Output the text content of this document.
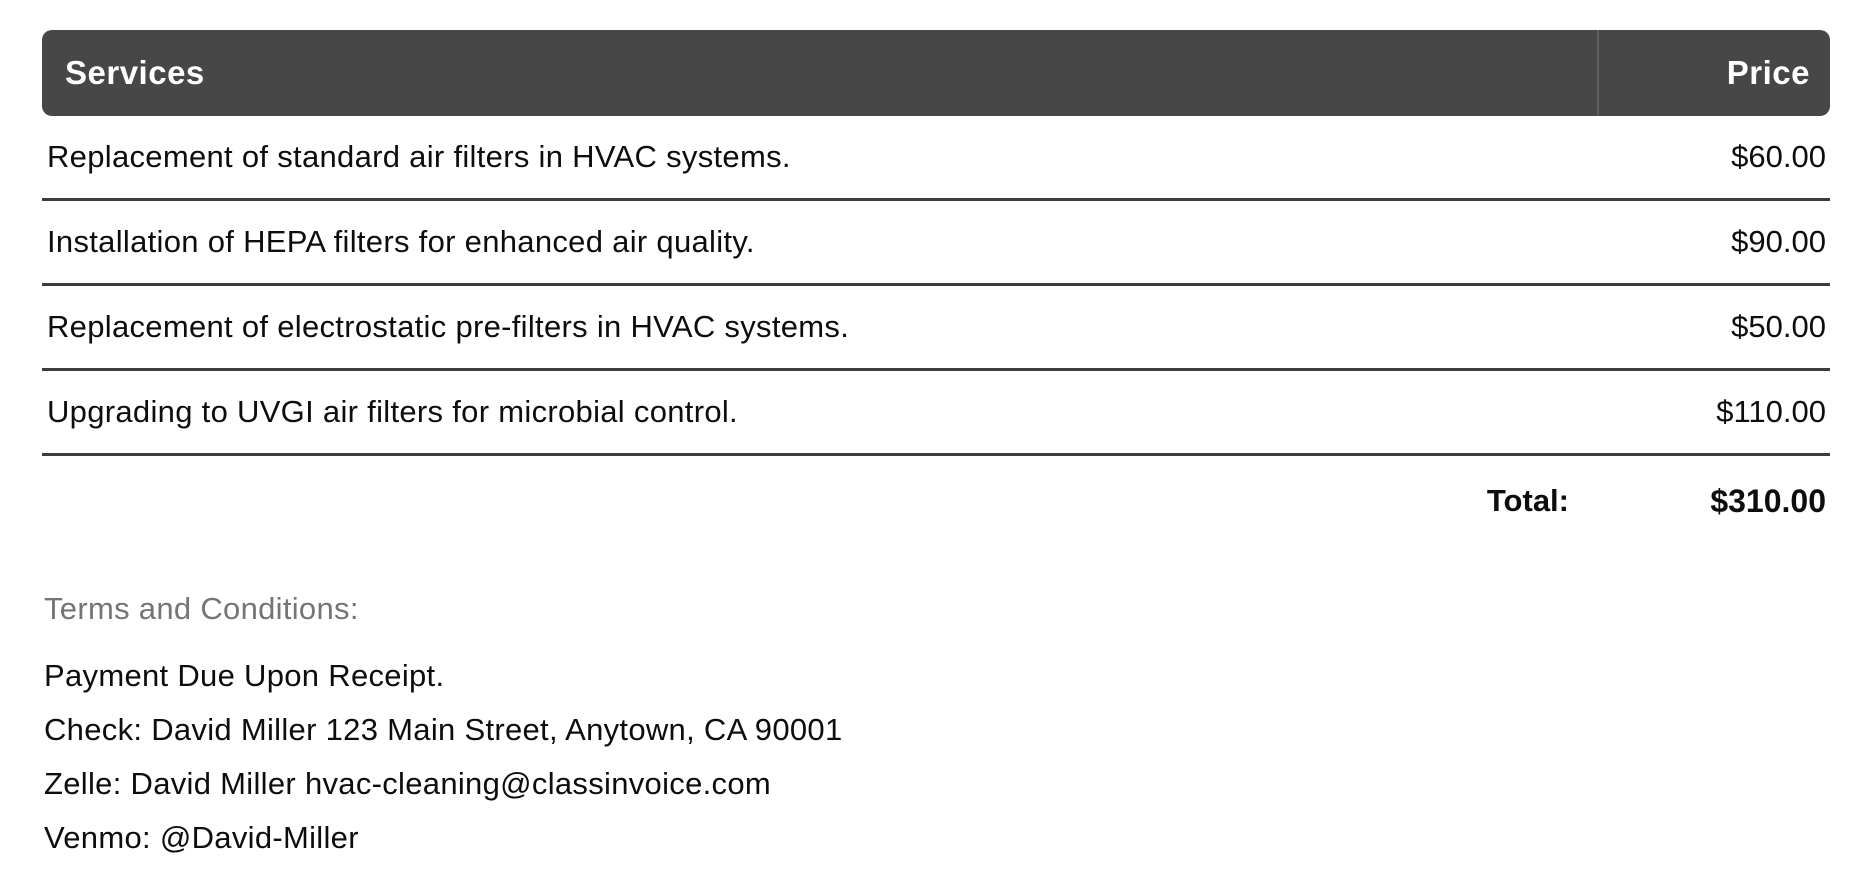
Services	Price
Replacement of standard air filters in HVAC systems.	$60.00
Installation of HEPA filters for enhanced air quality.	$90.00
Replacement of electrostatic pre-filters in HVAC systems.	$50.00
Upgrading to UVGI air filters for microbial control.	$110.00
Total:	$310.00
Terms and Conditions:
Payment Due Upon Receipt.
Check: David Miller 123 Main Street, Anytown, CA 90001
Zelle: David Miller hvac-cleaning@classinvoice.com
Venmo: @David-Miller
